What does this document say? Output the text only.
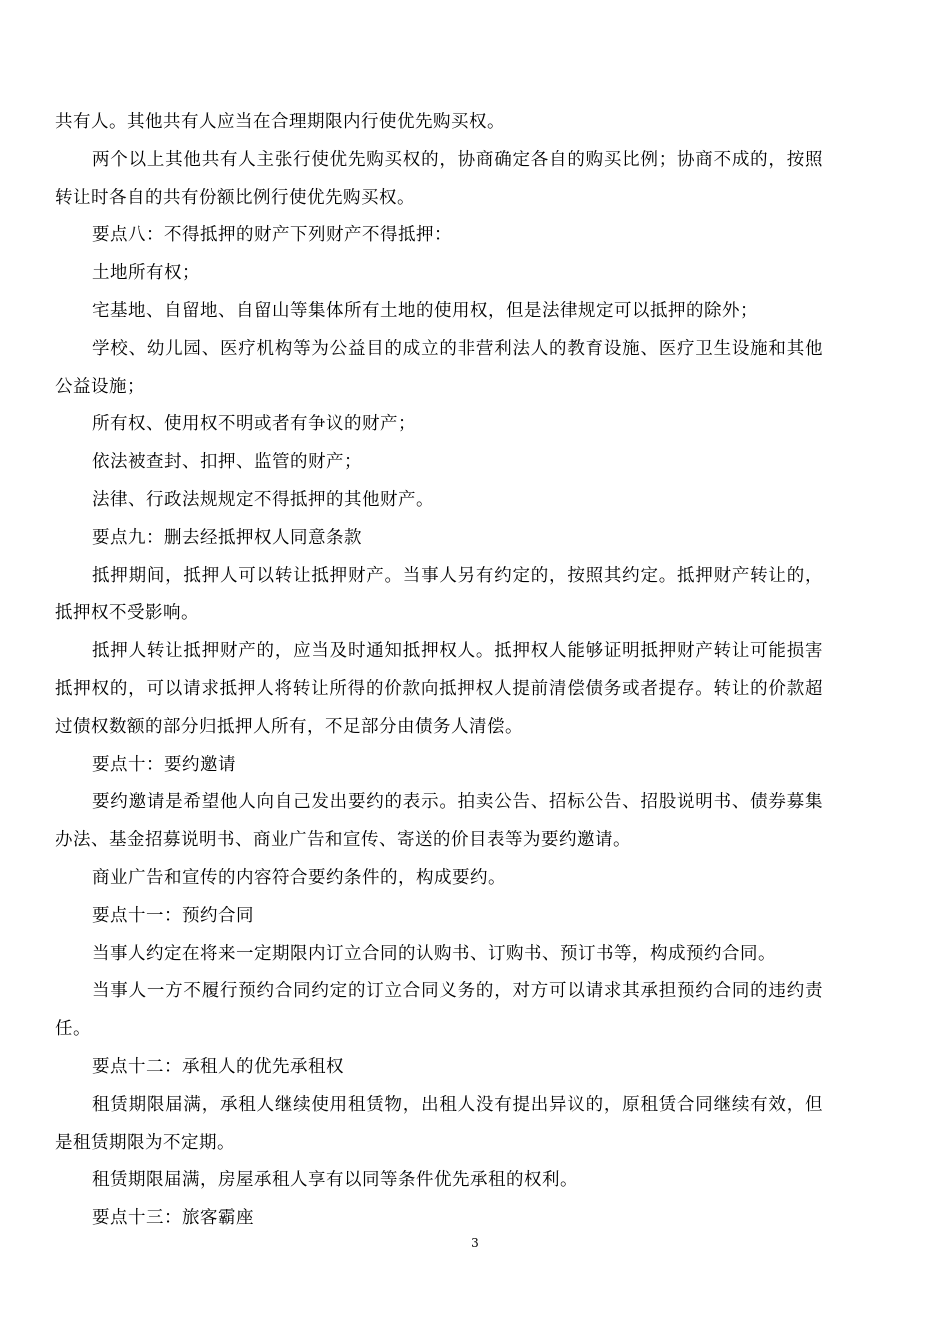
共有人。其他共有人应当在合理期限内行使优先购买权。

两个以上其他共有人主张行使优先购买权的，协商确定各自的购买比例；协商不成的，按照转让时各自的共有份额比例行使优先购买权。

要点八：不得抵押的财产下列财产不得抵押：

土地所有权；

宅基地、自留地、自留山等集体所有土地的使用权，但是法律规定可以抵押的除外；

学校、幼儿园、医疗机构等为公益目的成立的非营利法人的教育设施、医疗卫生设施和其他公益设施；

所有权、使用权不明或者有争议的财产；

依法被查封、扣押、监管的财产；

法律、行政法规规定不得抵押的其他财产。

要点九：删去经抵押权人同意条款

抵押期间，抵押人可以转让抵押财产。当事人另有约定的，按照其约定。抵押财产转让的，抵押权不受影响。

抵押人转让抵押财产的，应当及时通知抵押权人。抵押权人能够证明抵押财产转让可能损害抵押权的，可以请求抵押人将转让所得的价款向抵押权人提前清偿债务或者提存。转让的价款超过债权数额的部分归抵押人所有，不足部分由债务人清偿。

要点十：要约邀请

要约邀请是希望他人向自己发出要约的表示。拍卖公告、招标公告、招股说明书、债券募集办法、基金招募说明书、商业广告和宣传、寄送的价目表等为要约邀请。

商业广告和宣传的内容符合要约条件的，构成要约。

要点十一：预约合同

当事人约定在将来一定期限内订立合同的认购书、订购书、预订书等，构成预约合同。

当事人一方不履行预约合同约定的订立合同义务的，对方可以请求其承担预约合同的违约责任。

要点十二：承租人的优先承租权

租赁期限届满，承租人继续使用租赁物，出租人没有提出异议的，原租赁合同继续有效，但是租赁期限为不定期。

租赁期限届满，房屋承租人享有以同等条件优先承租的权利。

要点十三：旅客霸座

3
